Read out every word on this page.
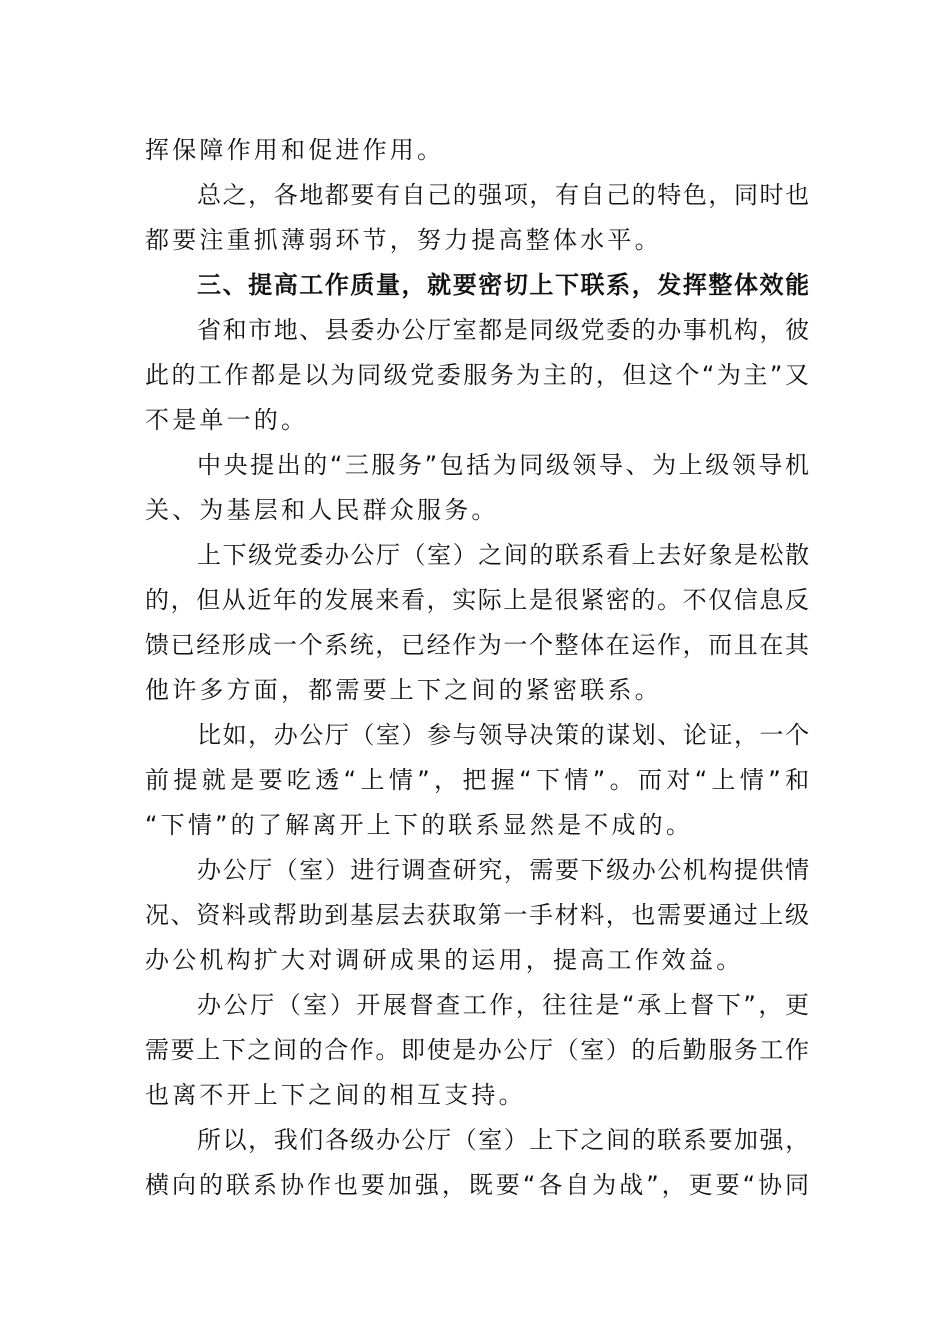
挥保障作用和促进作用。
总之，各地都要有自己的强项，有自己的特色，同时也
都要注重抓薄弱环节，努力提高整体水平。
三、提高工作质量，就要密切上下联系，发挥整体效能
省和市地、县委办公厅室都是同级党委的办事机构，彼
此的工作都是以为同级党委服务为主的，但这个“为主”又
不是单一的。
中央提出的“三服务”包括为同级领导、为上级领导机
关、为基层和人民群众服务。
上下级党委办公厅（室）之间的联系看上去好象是松散
的，但从近年的发展来看，实际上是很紧密的。不仅信息反
馈已经形成一个系统，已经作为一个整体在运作，而且在其
他许多方面，都需要上下之间的紧密联系。
比如，办公厅（室）参与领导决策的谋划、论证，一个
前提就是要吃透“上情”，把握“下情”。而对“上情”和
“下情”的了解离开上下的联系显然是不成的。
办公厅（室）进行调查研究，需要下级办公机构提供情
况、资料或帮助到基层去获取第一手材料，也需要通过上级
办公机构扩大对调研成果的运用，提高工作效益。
办公厅（室）开展督查工作，往往是“承上督下”，更
需要上下之间的合作。即使是办公厅（室）的后勤服务工作
也离不开上下之间的相互支持。
所以，我们各级办公厅（室）上下之间的联系要加强，
横向的联系协作也要加强，既要“各自为战”，更要“协同
